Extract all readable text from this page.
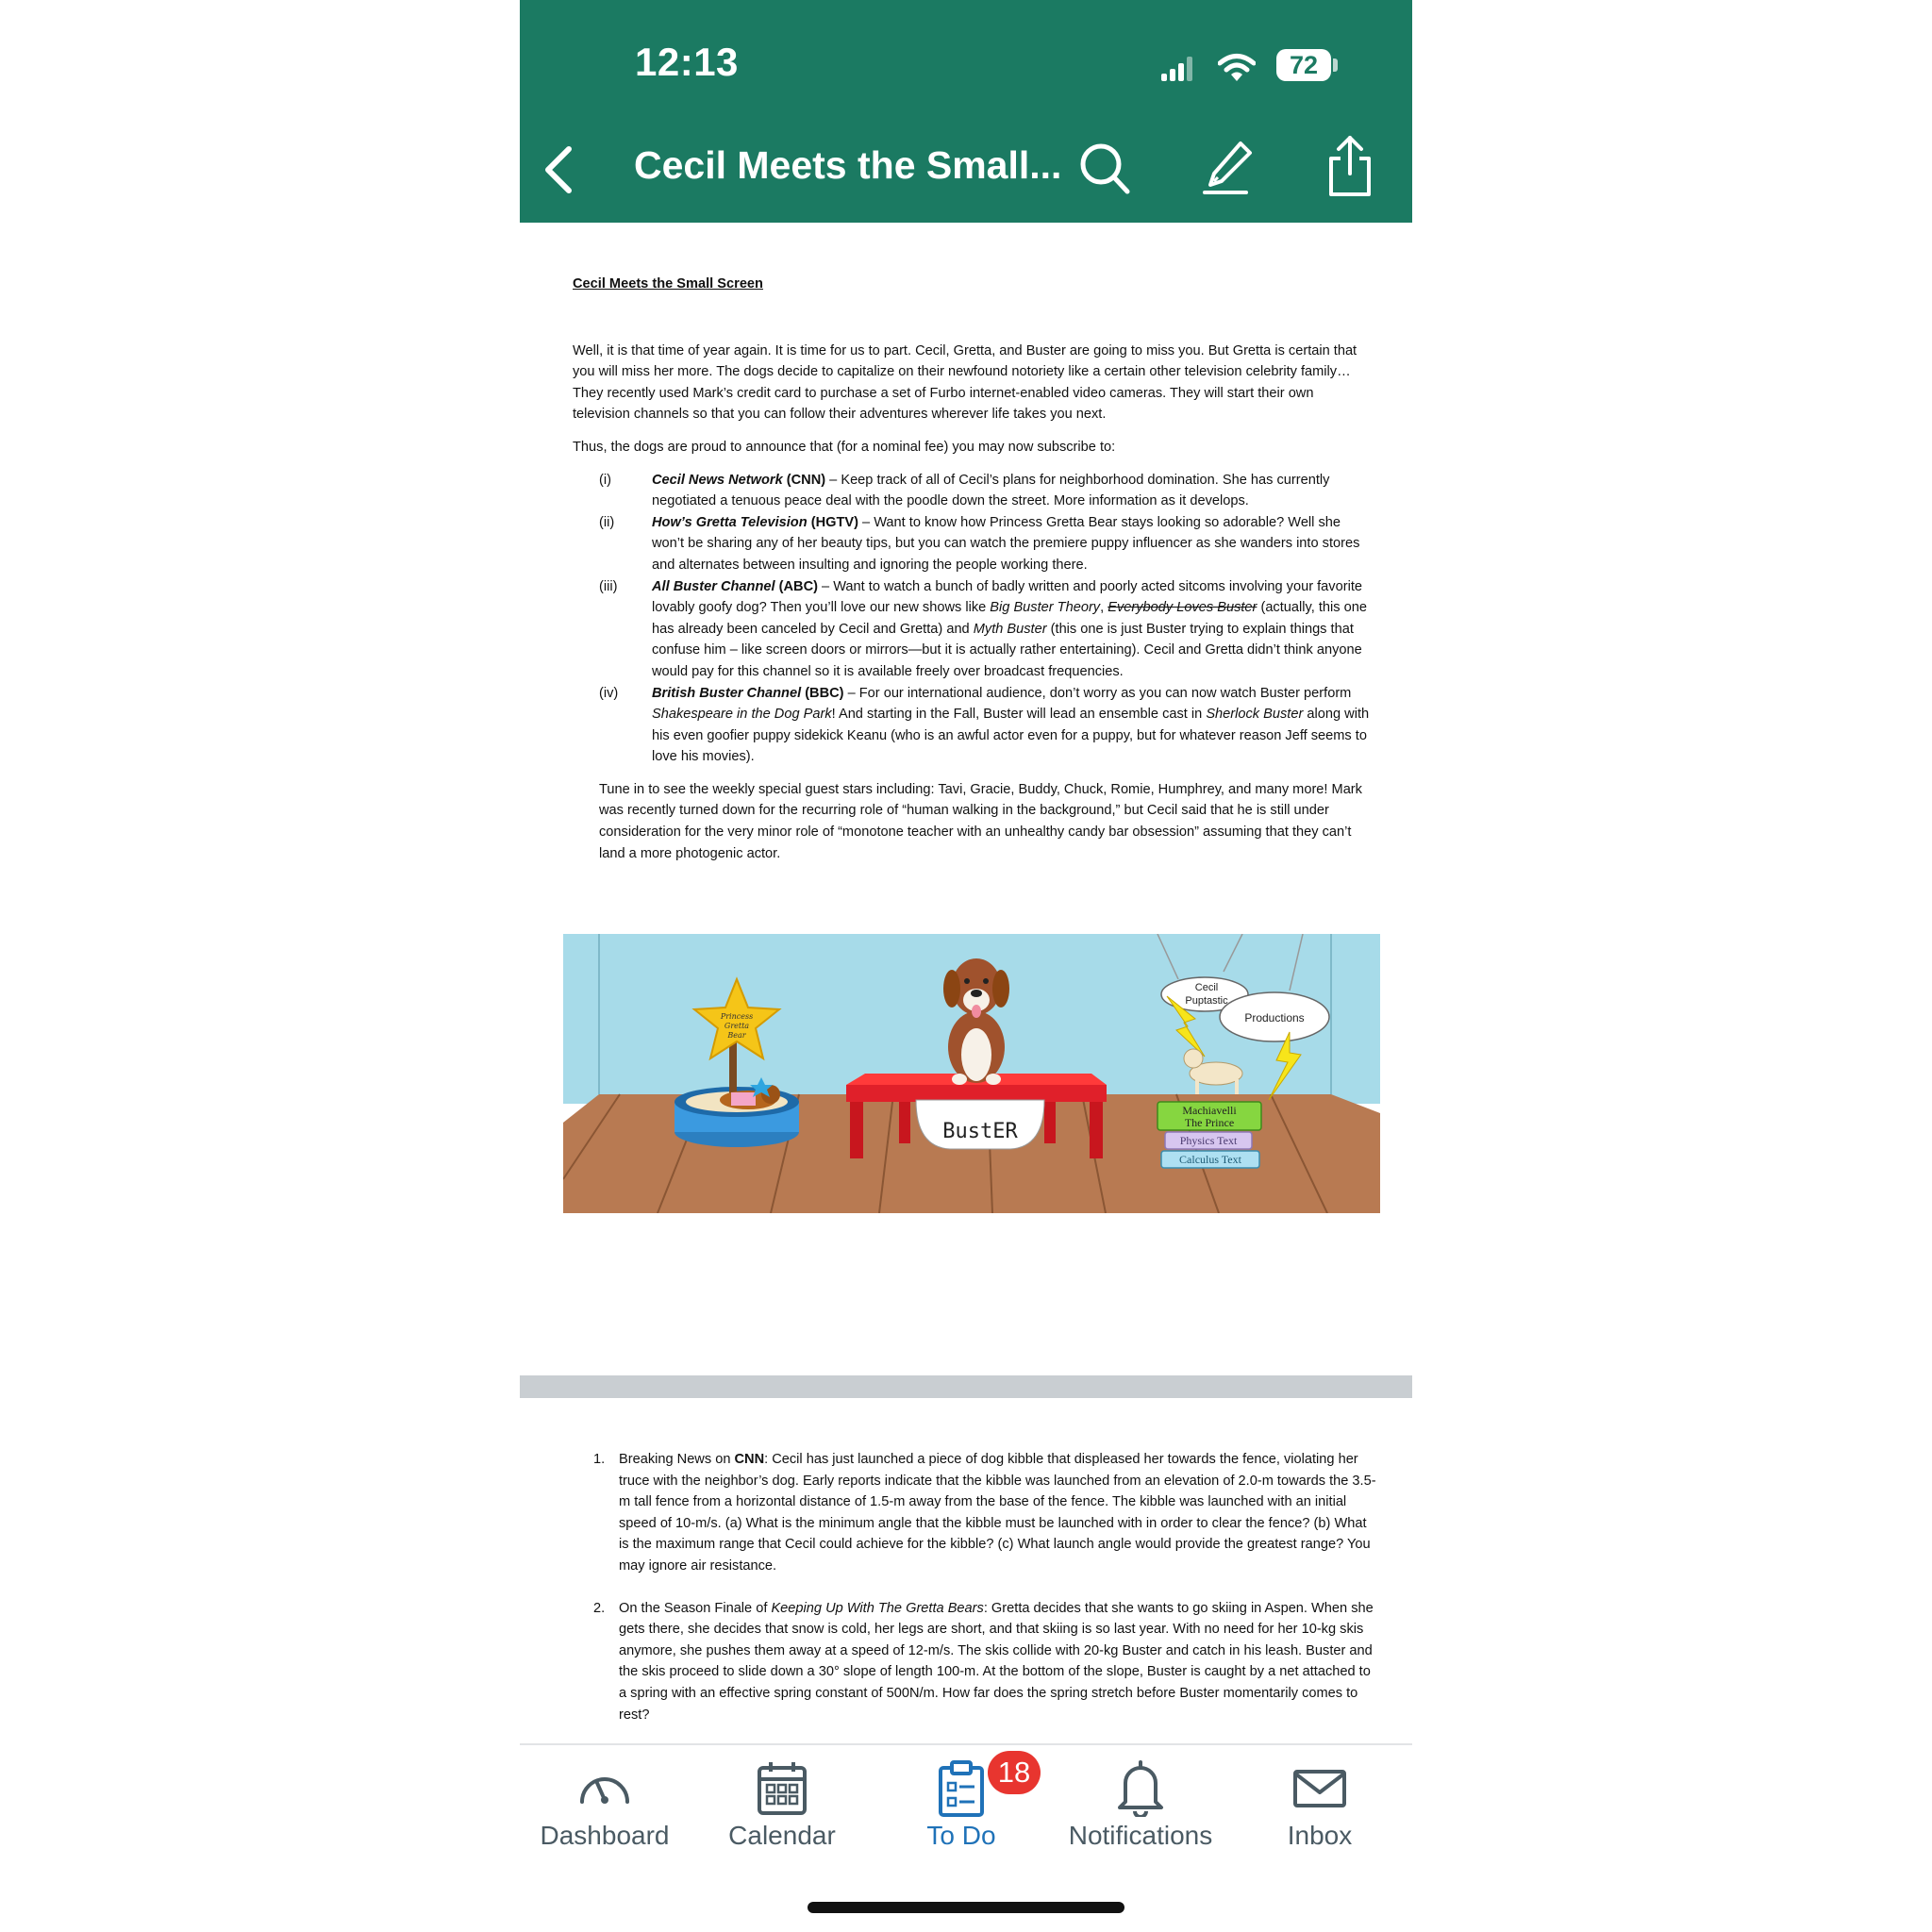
12:13	72
Cecil Meets the Small...

Cecil Meets the Small Screen

Well, it is that time of year again. It is time for us to part. Cecil, Gretta, and Buster are going to miss you. But Gretta is certain that you will miss her more. The dogs decide to capitalize on their newfound notoriety like a certain other television celebrity family… They recently used Mark’s credit card to purchase a set of Furbo internet-enabled video cameras. They will start their own television channels so that you can follow their adventures wherever life takes you next.

Thus, the dogs are proud to announce that (for a nominal fee) you may now subscribe to:

(i)	Cecil News Network (CNN) – Keep track of all of Cecil’s plans for neighborhood domination. She has currently negotiated a tenuous peace deal with the poodle down the street. More information as it develops.
(ii)	How’s Gretta Television (HGTV) – Want to know how Princess Gretta Bear stays looking so adorable? Well she won’t be sharing any of her beauty tips, but you can watch the premiere puppy influencer as she wanders into stores and alternates between insulting and ignoring the people working there.
(iii)	All Buster Channel (ABC) – Want to watch a bunch of badly written and poorly acted sitcoms involving your favorite lovably goofy dog? Then you’ll love our new shows like Big Buster Theory, Everybody Loves Buster (actually, this one has already been canceled by Cecil and Gretta) and Myth Buster (this one is just Buster trying to explain things that confuse him – like screen doors or mirrors—but it is actually rather entertaining). Cecil and Gretta didn’t think anyone would pay for this channel so it is available freely over broadcast frequencies.
(iv) British Buster Channel (BBC) – For our international audience, don’t worry as you can now watch Buster perform Shakespeare in the Dog Park! And starting in the Fall, Buster will lead an ensemble cast in Sherlock Buster along with his even goofier puppy sidekick Keanu (who is an awful actor even for a puppy, but for whatever reason Jeff seems to love his movies).

Tune in to see the weekly special guest stars including: Tavi, Gracie, Buddy, Chuck, Romie, Humphrey, and many more! Mark was recently turned down for the recurring role of “human walking in the background,” but Cecil said that he is still under consideration for the very minor role of “monotone teacher with an unhealthy candy bar obsession” assuming that they can’t land a more photogenic actor.

Princess
Gretta
Bear
BustER
Cecil
Puptastic
Productions
Machiavelli
The Prince
Physics Text
Calculus Text
1. Breaking News on CNN: Cecil has just launched a piece of dog kibble that displeased her towards the fence, violating her truce with the neighbor’s dog. Early reports indicate that the kibble was launched from an elevation of 2.0-m towards the 3.5-m tall fence from a horizontal distance of 1.5-m away from the base of the fence. The kibble was launched with an initial speed of 10-m/s. (a) What is the minimum angle that the kibble must be launched with in order to clear the fence? (b) What is the maximum range that Cecil could achieve for the kibble? (c) What launch angle would provide the greatest range? You may ignore air resistance.
2. On the Season Finale of Keeping Up With The Gretta Bears: Gretta decides that she wants to go skiing in Aspen. When she gets there, she decides that snow is cold, her legs are short, and that skiing is so last year. With no need for her 10-kg skis anymore, she pushes them away at a speed of 12-m/s. The skis collide with 20-kg Buster and catch in his leash. Buster and the skis proceed to slide down a 30° slope of length 100-m. At the bottom of the slope, Buster is caught by a net attached to a spring with an effective spring constant of 500N/m. How far does the spring stretch before Buster momentarily comes to rest?
Dashboard	Calendar	To Do
18
Notifications	Inbox
